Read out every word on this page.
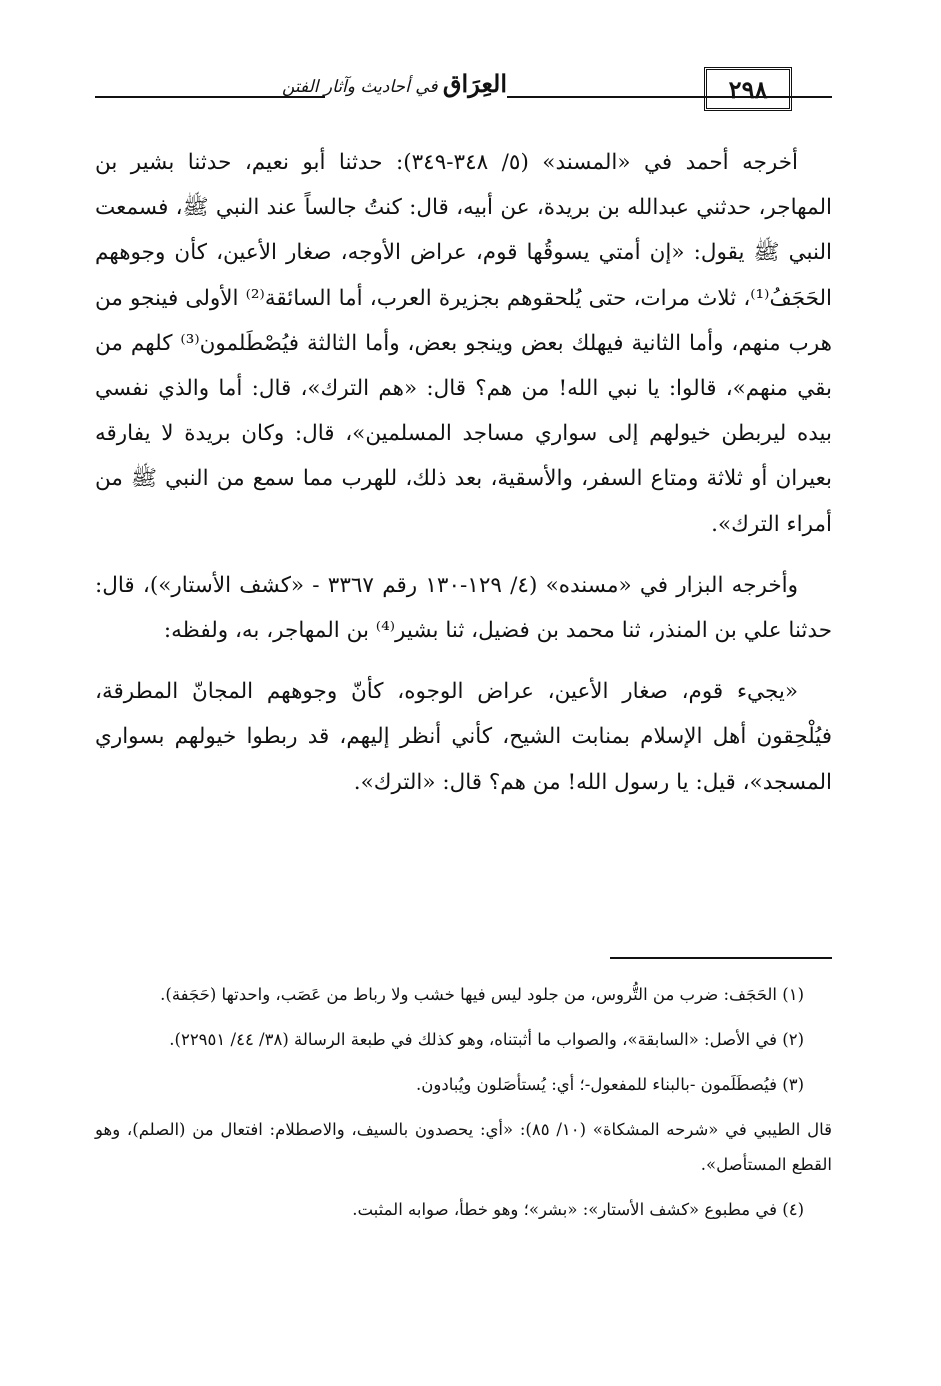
٢٩٨
العِرَاق في أحاديث وآثار الفتن

أخرجه أحمد في «المسند» (٥/ ٣٤٨-٣٤٩): حدثنا أبو نعيم، حدثنا بشير بن المهاجر، حدثني عبدالله بن بريدة، عن أبيه، قال: كنتُ جالساً عند النبي ﷺ، فسمعت النبي ﷺ يقول: «إن أمتي يسوقُها قوم، عراض الأوجه، صغار الأعين، كأن وجوههم الحَجَفُ⁽¹⁾، ثلاث مرات، حتى يُلحقوهم بجزيرة العرب، أما السائقة⁽²⁾ الأولى فينجو من هرب منهم، وأما الثانية فيهلك بعض وينجو بعض، وأما الثالثة فيُصْطَلمون⁽³⁾ كلهم من بقي منهم»، قالوا: يا نبي الله! من هم؟ قال: «هم الترك»، قال: أما والذي نفسي بيده ليربطن خيولهم إلى سواري مساجد المسلمين»، قال: وكان بريدة لا يفارقه بعيران أو ثلاثة ومتاع السفر، والأسقية، بعد ذلك، للهرب مما سمع من النبي ﷺ من أمراء الترك».

وأخرجه البزار في «مسنده» (٤/ ١٢٩-١٣٠ رقم ٣٣٦٧ - «كشف الأستار»)، قال: حدثنا علي بن المنذر، ثنا محمد بن فضيل، ثنا بشير⁽⁴⁾ بن المهاجر، به، ولفظه:

«يجيء قوم، صغار الأعين، عراض الوجوه، كأنّ وجوههم المجانّ المطرقة، فيُلْحِقون أهل الإسلام بمنابت الشيح، كأني أنظر إليهم، قد ربطوا خيولهم بسواري المسجد»، قيل: يا رسول الله! من هم؟ قال: «الترك».

(١) الحَجَف: ضرب من التُّروس، من جلود ليس فيها خشب ولا رباط من عَصَب، واحدتها (حَجَفة).

(٢) في الأصل: «السابقة»، والصواب ما أثبتناه، وهو كذلك في طبعة الرسالة (٣٨/ ٤٤/ ٢٢٩٥١).

(٣) فيُصطَلَمون -بالبناء للمفعول-؛ أي: يُستأصَلون ويُبادون.

قال الطيبي في «شرحه المشكاة» (١٠/ ٨٥): «أي: يحصدون بالسيف، والاصطلام: افتعال من (الصلم)، وهو القطع المستأصل».

(٤) في مطبوع «كشف الأستار»: «بشر»؛ وهو خطأ، صوابه المثبت.
